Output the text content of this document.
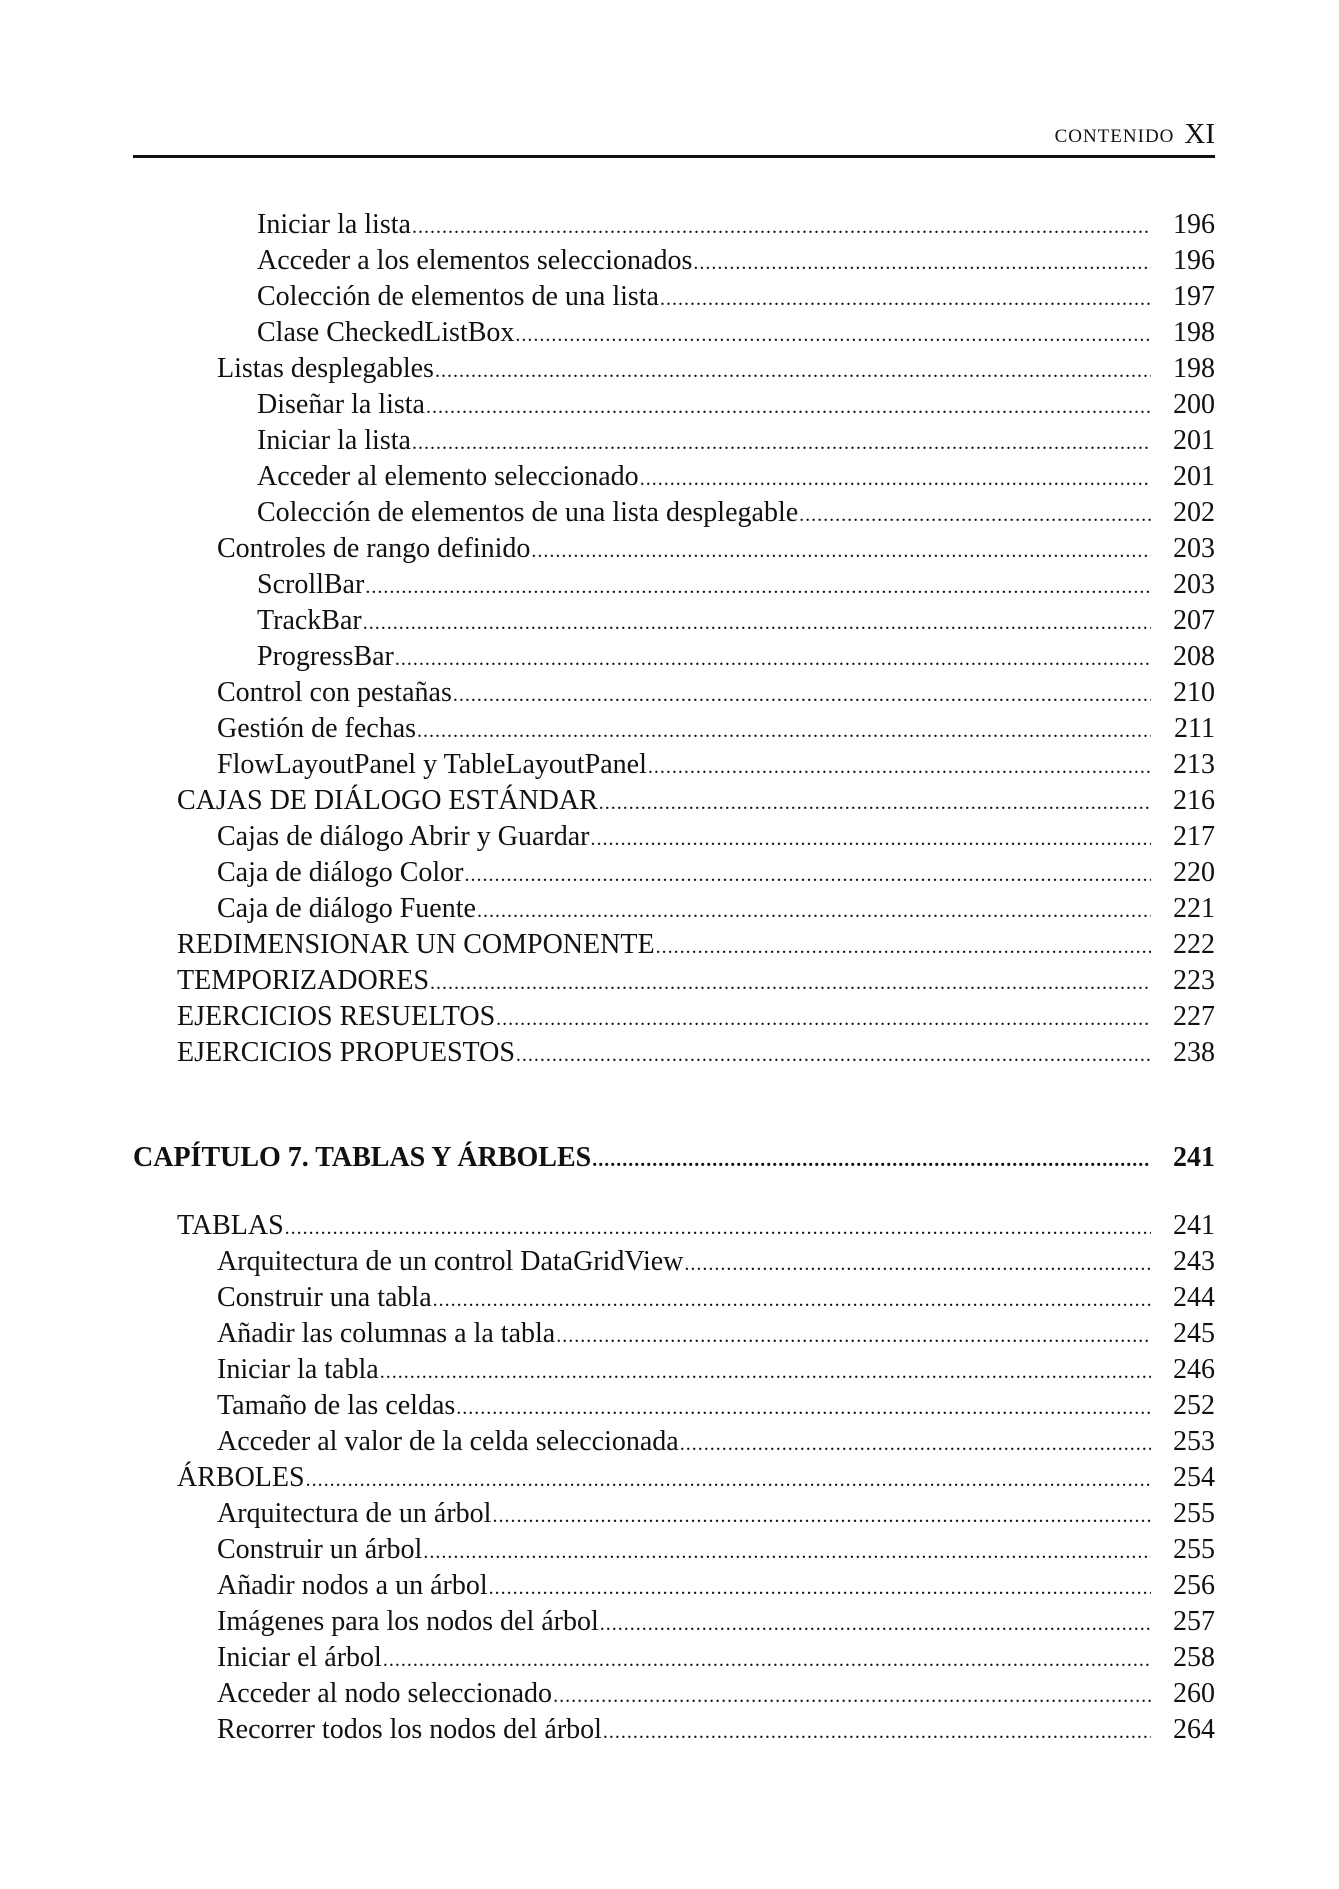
CONTENIDO XI
Iniciar la lista .....	196
Acceder a los elementos seleccionados .....	196
Colección de elementos de una lista .....	197
Clase CheckedListBox .....	198
Listas desplegables .....	198
Diseñar la lista .....	200
Iniciar la lista .....	201
Acceder al elemento seleccionado .....	201
Colección de elementos de una lista desplegable .....	202
Controles de rango definido .....	203
ScrollBar .....	203
TrackBar .....	207
ProgressBar .....	208
Control con pestañas .....	210
Gestión de fechas .....	211
FlowLayoutPanel y TableLayoutPanel .....	213
CAJAS DE DIÁLOGO ESTÁNDAR .....	216
Cajas de diálogo Abrir y Guardar .....	217
Caja de diálogo Color .....	220
Caja de diálogo Fuente .....	221
REDIMENSIONAR UN COMPONENTE .....	222
TEMPORIZADORES .....	223
EJERCICIOS RESUELTOS .....	227
EJERCICIOS PROPUESTOS .....	238
CAPÍTULO 7. TABLAS Y ÁRBOLES .....	241
TABLAS .....	241
Arquitectura de un control DataGridView .....	243
Construir una tabla .....	244
Añadir las columnas a la tabla .....	245
Iniciar la tabla .....	246
Tamaño de las celdas .....	252
Acceder al valor de la celda seleccionada .....	253
ÁRBOLES .....	254
Arquitectura de un árbol .....	255
Construir un árbol .....	255
Añadir nodos a un árbol .....	256
Imágenes para los nodos del árbol .....	257
Iniciar el árbol .....	258
Acceder al nodo seleccionado .....	260
Recorrer todos los nodos del árbol .....	264
